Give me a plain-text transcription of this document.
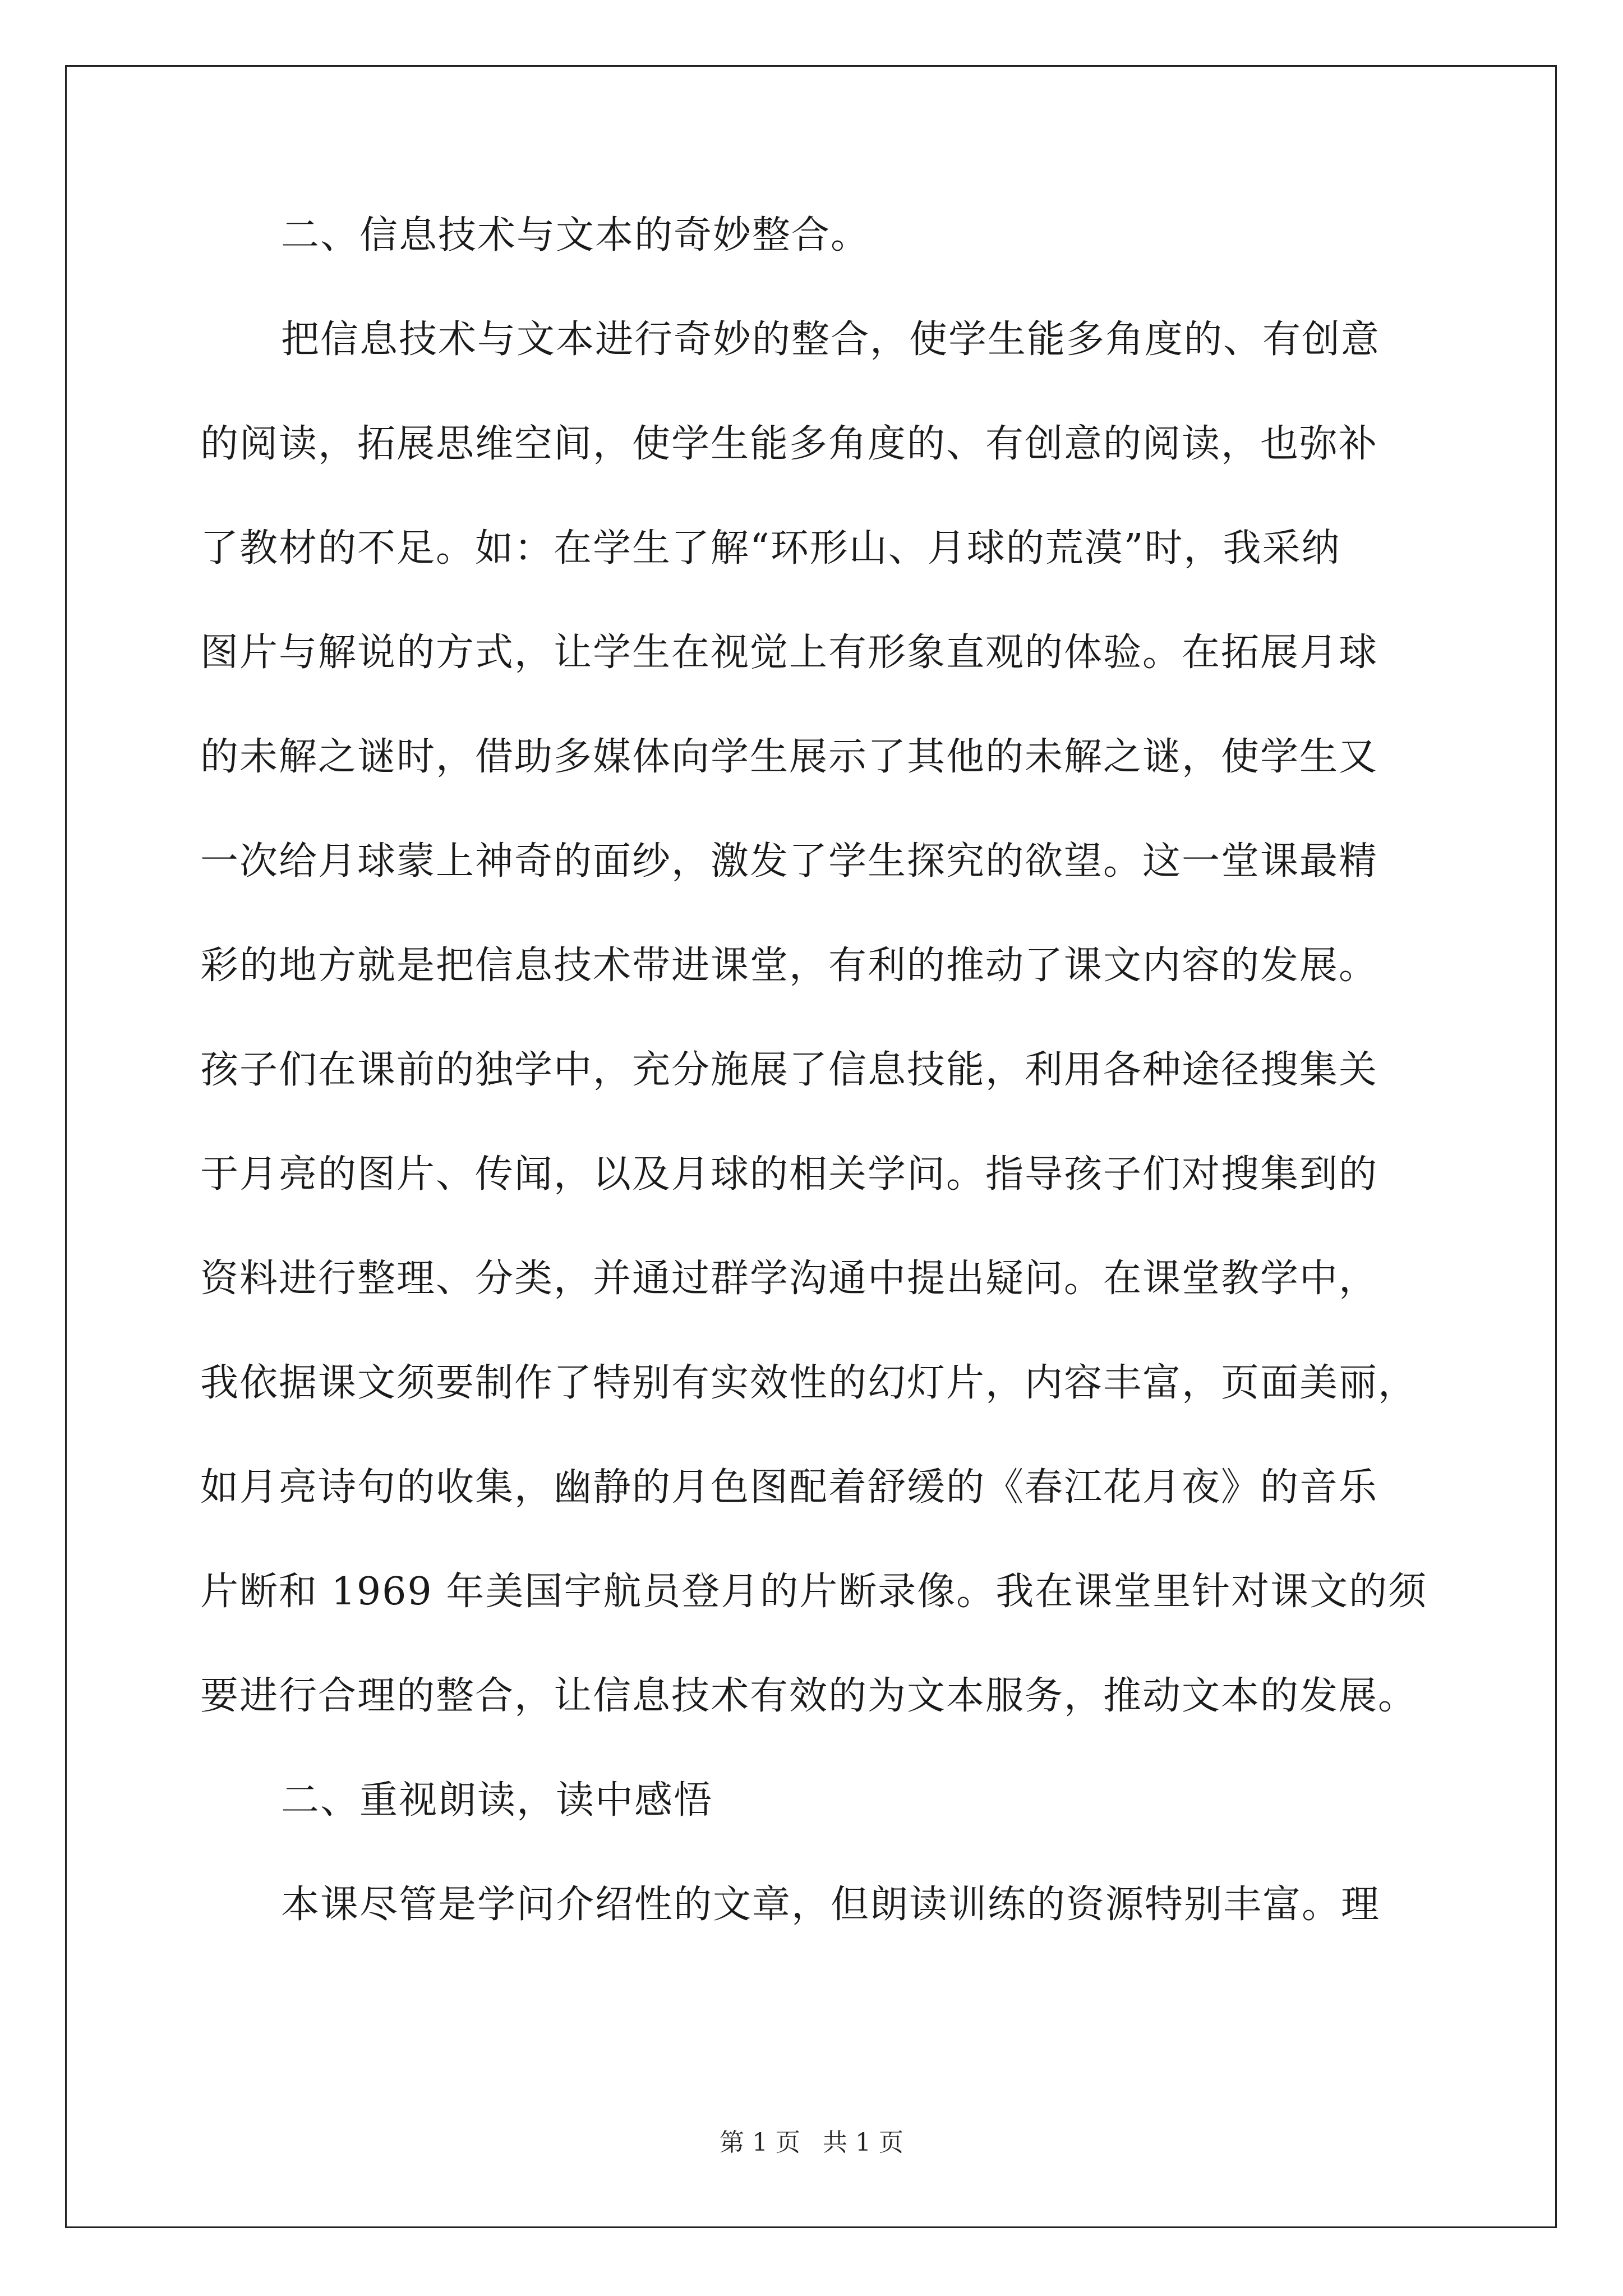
二、信息技术与文本的奇妙整合。
把信息技术与文本进行奇妙的整合，使学生能多角度的、有创意
的阅读，拓展思维空间，使学生能多角度的、有创意的阅读，也弥补
了教材的不足。如：在学生了解“环形山、月球的荒漠”时，我采纳
图片与解说的方式，让学生在视觉上有形象直观的体验。在拓展月球
的未解之谜时，借助多媒体向学生展示了其他的未解之谜，使学生又
一次给月球蒙上神奇的面纱，激发了学生探究的欲望。这一堂课最精
彩的地方就是把信息技术带进课堂，有利的推动了课文内容的发展。
孩子们在课前的独学中，充分施展了信息技能，利用各种途径搜集关
于月亮的图片、传闻，以及月球的相关学问。指导孩子们对搜集到的
资料进行整理、分类，并通过群学沟通中提出疑问。在课堂教学中，
我依据课文须要制作了特别有实效性的幻灯片，内容丰富，页面美丽，
如月亮诗句的收集，幽静的月色图配着舒缓的《春江花月夜》的音乐
片断和 1969 年美国宇航员登月的片断录像。我在课堂里针对课文的须
要进行合理的整合，让信息技术有效的为文本服务，推动文本的发展。
二、重视朗读，读中感悟
本课尽管是学问介绍性的文章，但朗读训练的资源特别丰富。理
第 1 页 共 1 页
